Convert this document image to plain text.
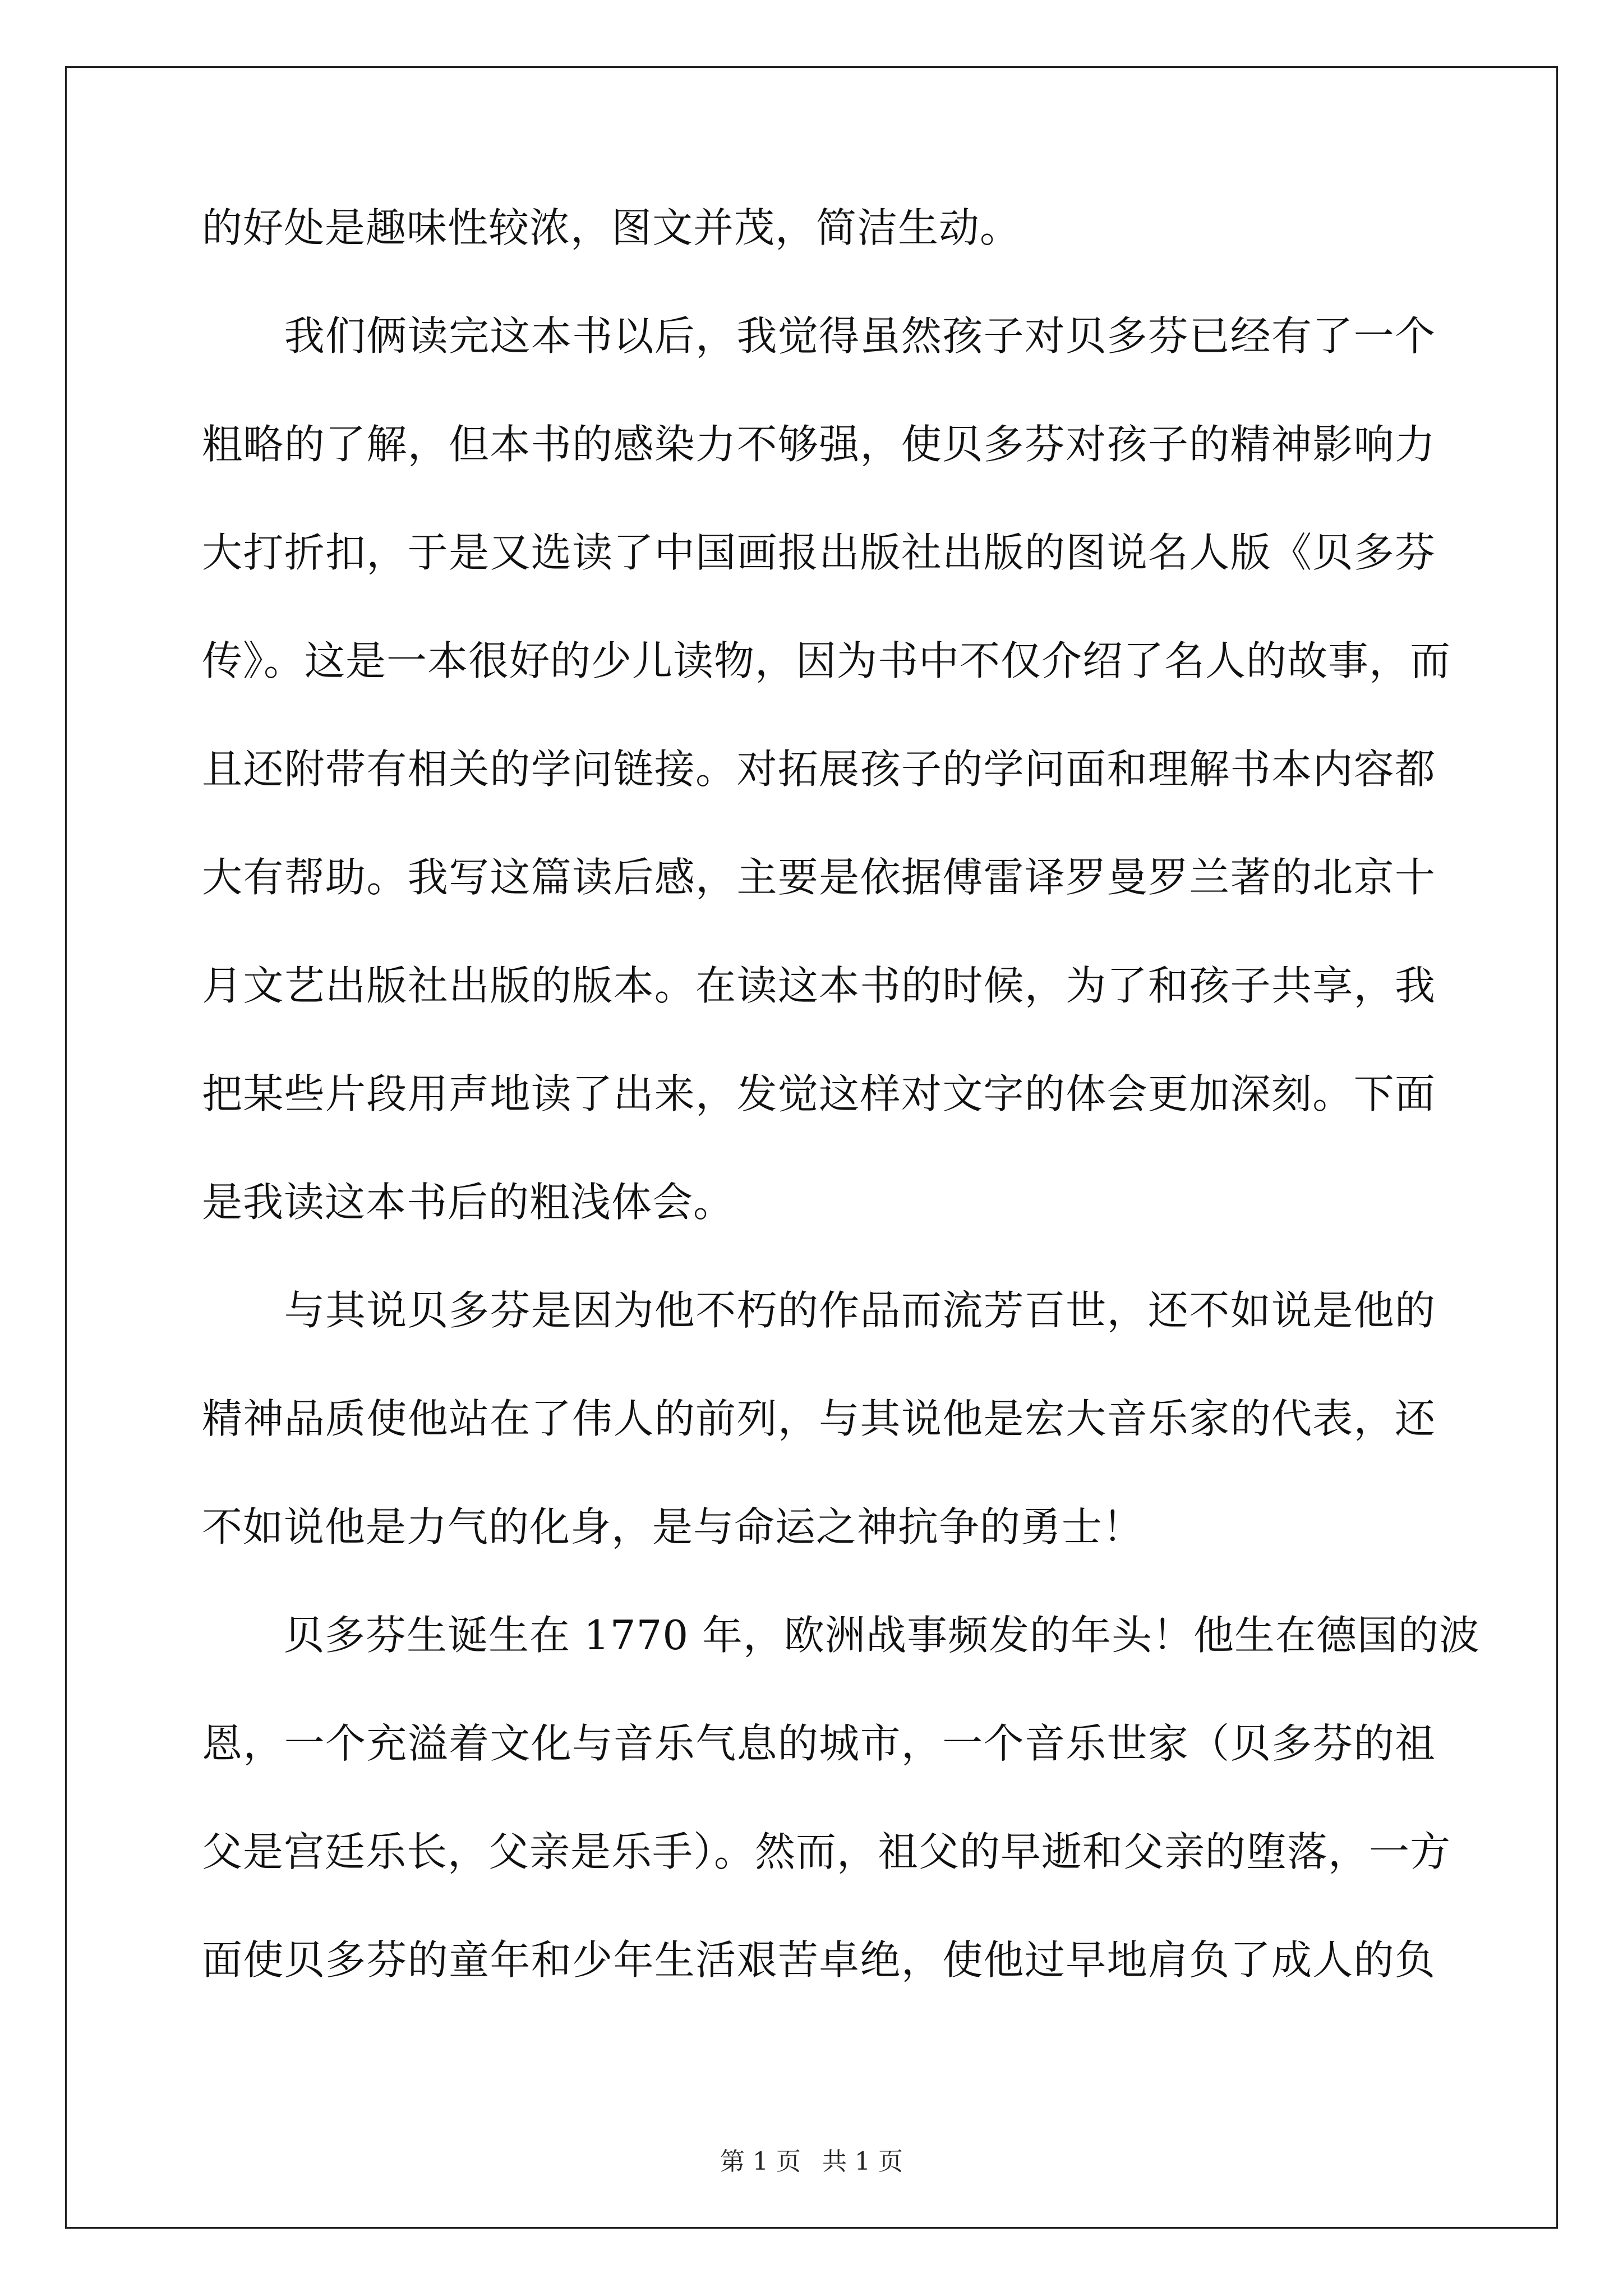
的好处是趣味性较浓，图文并茂，简洁生动。
　　我们俩读完这本书以后，我觉得虽然孩子对贝多芬已经有了一个
粗略的了解，但本书的感染力不够强，使贝多芬对孩子的精神影响力
大打折扣，于是又选读了中国画报出版社出版的图说名人版《贝多芬
传》。这是一本很好的少儿读物，因为书中不仅介绍了名人的故事，而
且还附带有相关的学问链接。对拓展孩子的学问面和理解书本内容都
大有帮助。我写这篇读后感，主要是依据傅雷译罗曼罗兰著的北京十
月文艺出版社出版的版本。在读这本书的时候，为了和孩子共享，我
把某些片段用声地读了出来，发觉这样对文字的体会更加深刻。下面
是我读这本书后的粗浅体会。
　　与其说贝多芬是因为他不朽的作品而流芳百世，还不如说是他的
精神品质使他站在了伟人的前列，与其说他是宏大音乐家的代表，还
不如说他是力气的化身，是与命运之神抗争的勇士！
　　贝多芬生诞生在 1770 年，欧洲战事频发的年头！他生在德国的波
恩，一个充溢着文化与音乐气息的城市，一个音乐世家（贝多芬的祖
父是宫廷乐长，父亲是乐手）。然而，祖父的早逝和父亲的堕落，一方
面使贝多芬的童年和少年生活艰苦卓绝，使他过早地肩负了成人的负
第 1 页 共 1 页
